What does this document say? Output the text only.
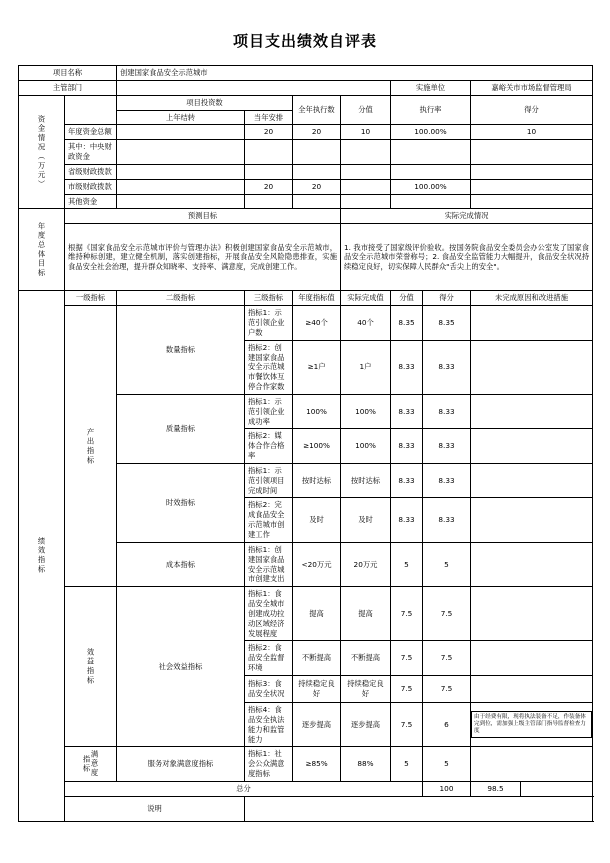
项目支出绩效自评表
项目名称		创建国家食品安全示范城市							
主管部门						实施单位		嘉峪关市市场监督管理局	

资金情况（万元）		项目投资数		全年执行数	分值	执行率		得分	
		上年结转	当年安排						
	年度资金总额		20	20	10	100.00%		10	
	其中：中央财政资金								
	省级财政拨款								
	市级财政拨款		20	20		100.00%			
	其他资金								

年度总体目标	预测目标				实际完成情况				
	根据《国家食品安全示范城市评价与管理办法》积极创建国家食品安全示范城市，维持种标创建，建立健全机制，落实创建指标，开展食品安全风险隐患排查，实施食品安全社会治理，提升群众知晓率、支持率、满意度，完成创建工作。				1. 我市接受了国家级评价验收。按国务院食品安全委员会办公室发了国家食品安全示范城市荣誉称号；2. 食品安全监管能力大幅提升，食品安全状况持续稳定良好，切实保障人民群众"舌尖上的安全"。				

绩效指标	一级指标	二级指标	三级指标	年度指标值	实际完成值	分值	得分	未完成原因和改进措施	

	产出指标	数量指标	指标1：示范引领企业户数	≥40个	40个	8.35	8.35		
			指标2：创建国家食品安全示范城市餐饮体互停合作家数	≥1户	1户	8.33	8.33		
		质量指标	指标1：示范引领企业成功率	100%	100%	8.33	8.33		
			指标2：媒体合作合格率	≥100%	100%	8.33	8.33		
		时效指标	指标1：示范引领项目完成时间	按时达标	按时达标	8.33	8.33		
			指标2：完成食品安全示范城市创建工作	及时	及时	8.33	8.33		
		成本指标	指标1：创建国家食品安全示范城市创建支出	<20万元	20万元	5	5		

	效益指标	社会效益指标	指标1：食品安全城市创建成功拉动区域经济发展程度	提高	提高	7.5	7.5		
			指标2：食品安全监督环境	不断提高	不断提高	7.5	7.5		
			指标3：食品安全状况	持续稳定良好	持续稳定良好	7.5	7.5		
			指标4：食品安全执法能力和监管能力	逐步提高	逐步提高	7.5	6	由于经费有限，现将执法装备不足，作装备体完到位，需加强上级主管部门指导监督检查力度	

	满意度指标	服务对象满意度指标	指标1：社会公众满意度指标	≥85%	88%	5	5		
	总分						100	98.5	
	说明								
